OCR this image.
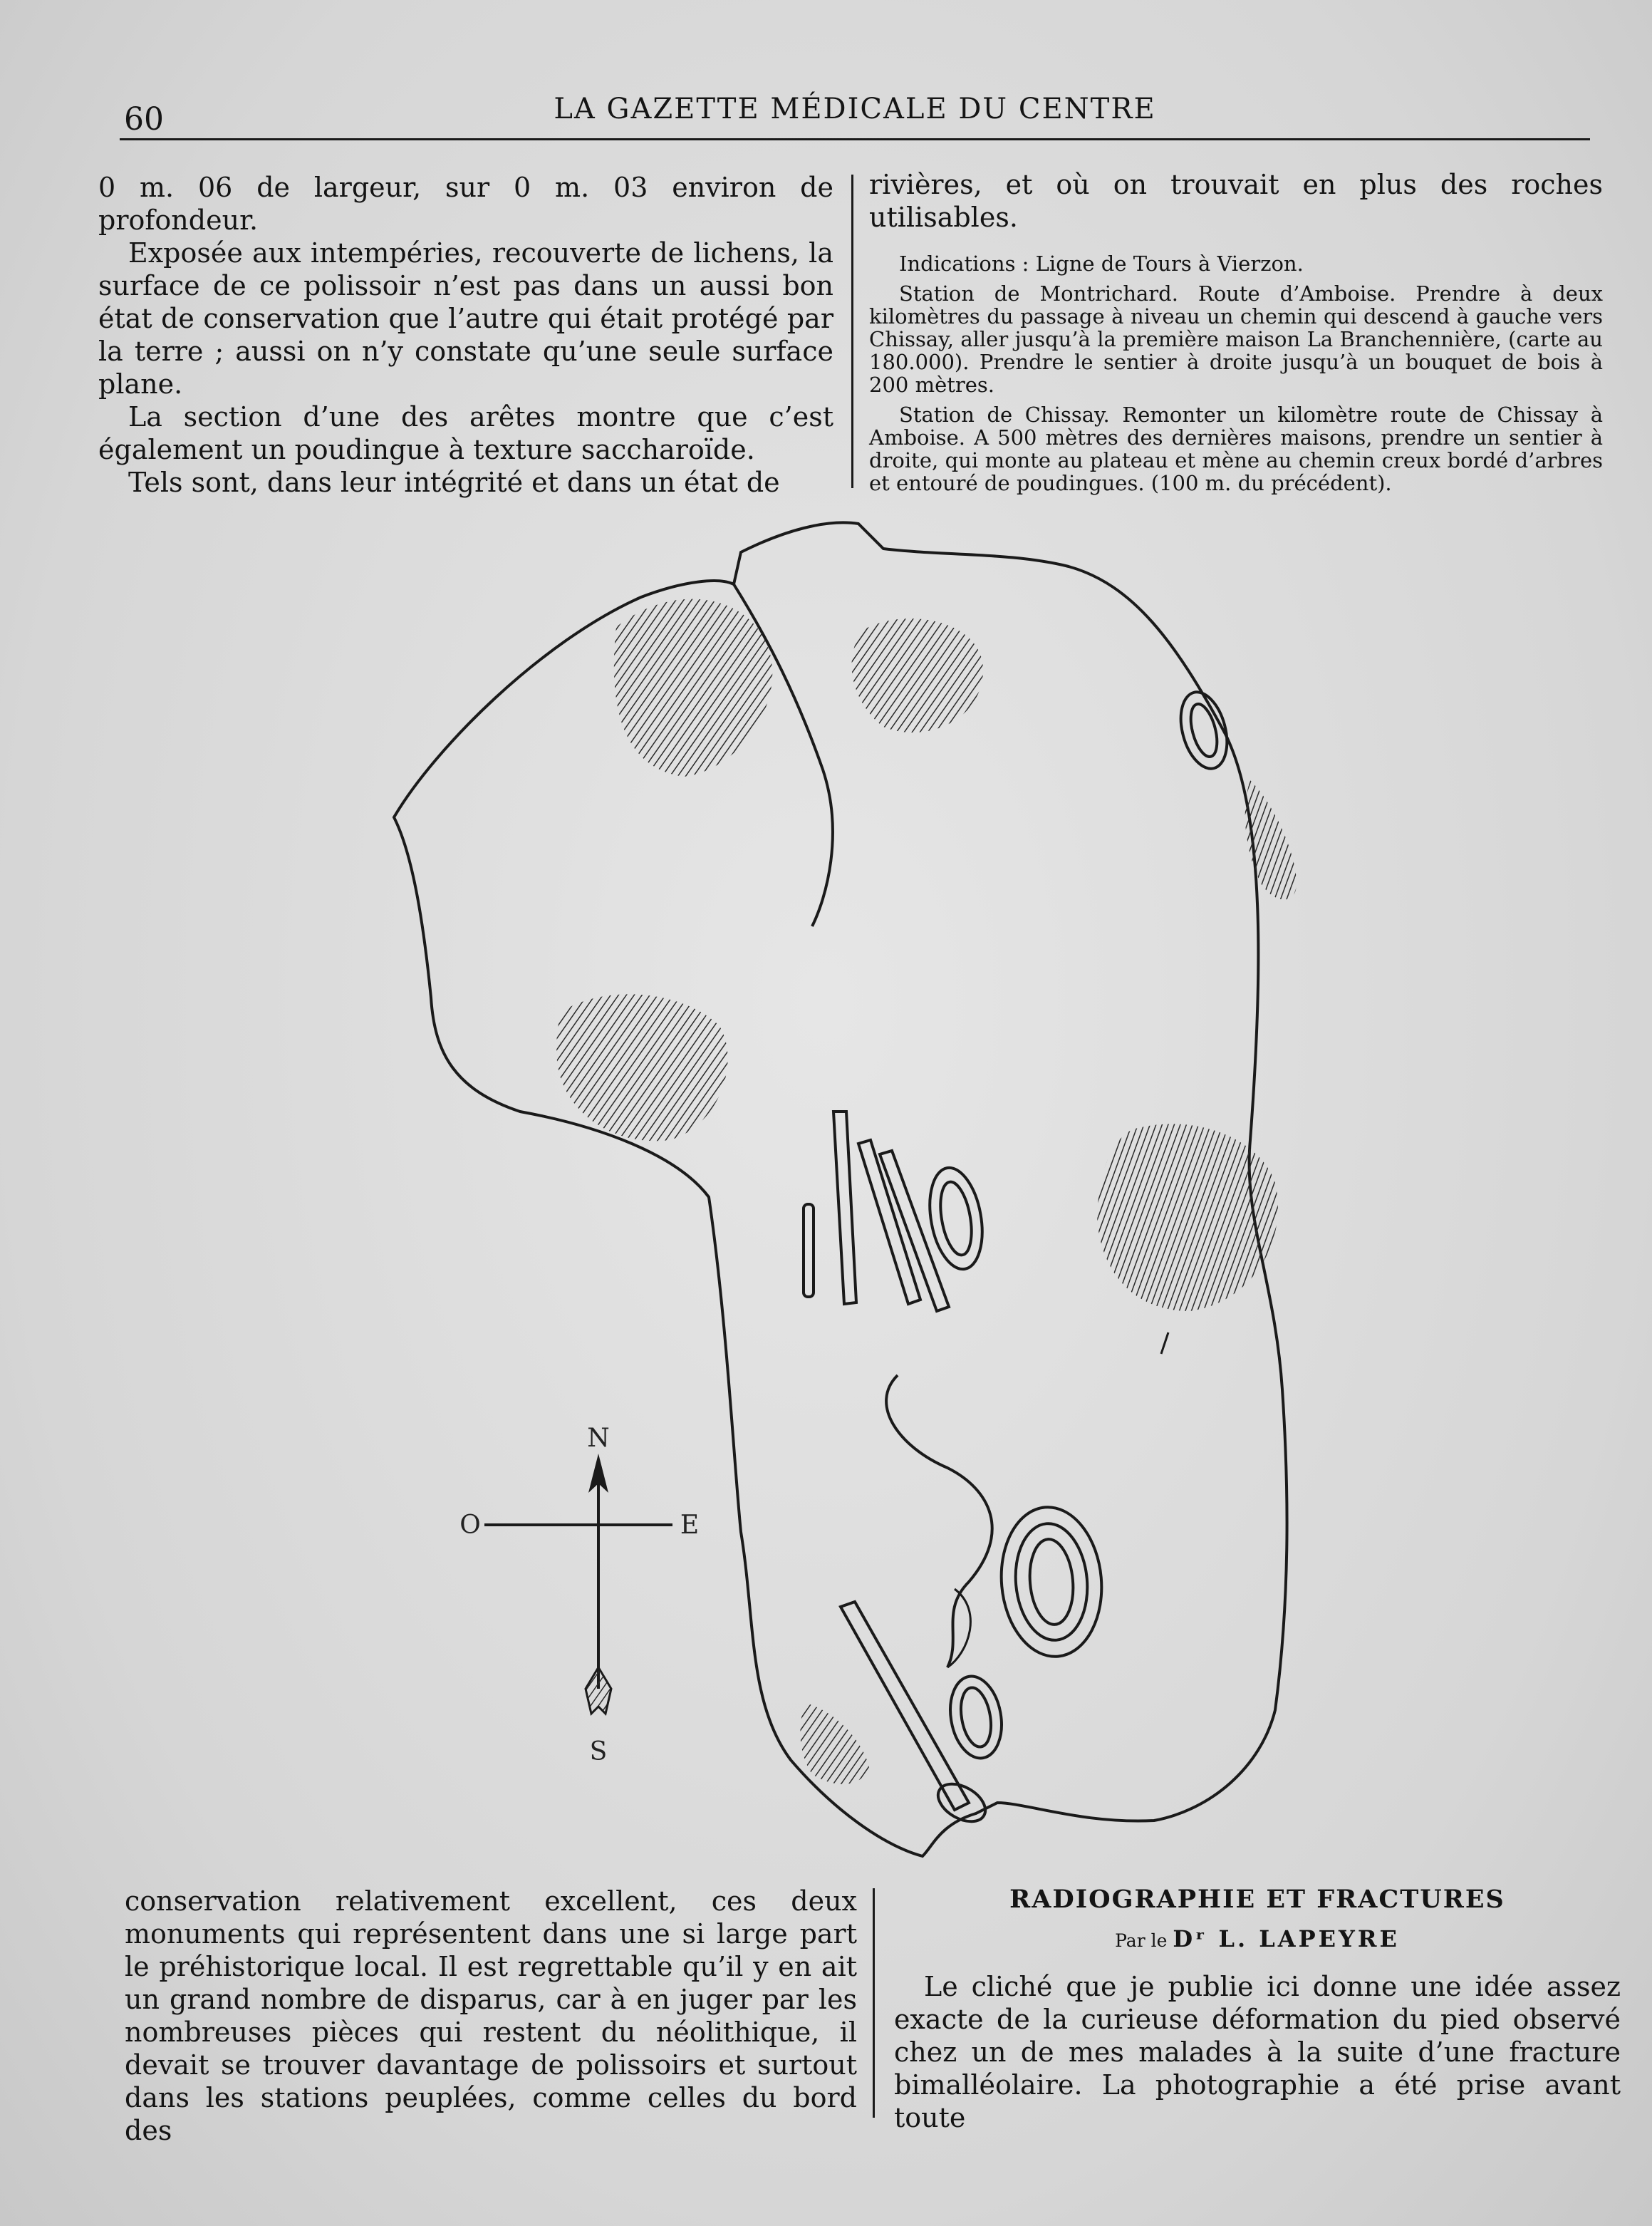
60	LA GAZETTE MÉDICALE DU CENTRE

0 m. 06 de largeur, sur 0 m. 03 environ de profondeur.

Exposée aux intempéries, recouverte de lichens, la surface de ce polissoir n’est pas dans un aussi bon état de conservation que l’autre qui était protégé par la terre ; aussi on n’y constate qu’une seule surface plane.

La section d’une des arêtes montre que c’est également un poudingue à texture saccharoïde.

Tels sont, dans leur intégrité et dans un état de

rivières, et où on trouvait en plus des roches utilisables.

Indications : Ligne de Tours à Vierzon.

Station de Montrichard. Route d’Amboise. Prendre à deux kilomètres du passage à niveau un chemin qui descend à gauche vers Chissay, aller jusqu’à la première maison La Branchennière, (carte au 180.000). Prendre le sentier à droite jusqu’à un bouquet de bois à 200 mètres.

Station de Chissay. Remonter un kilomètre route de Chissay à Amboise. A 500 mètres des dernières maisons, prendre un sentier à droite, qui monte au plateau et mène au chemin creux bordé d’arbres et entouré de poudingues. (100 m. du précédent).

N
S
E
O

conservation relativement excellent, ces deux monuments qui représentent dans une si large part le préhistorique local. Il est regrettable qu’il y en ait un grand nombre de disparus, car à en juger par les nombreuses pièces qui restent du néolithique, il devait se trouver davantage de polissoirs et surtout dans les stations peuplées, comme celles du bord des

RADIOGRAPHIE ET FRACTURES
Par le Dʳ L. LAPEYRE

Le cliché que je publie ici donne une idée assez exacte de la curieuse déformation du pied observé chez un de mes malades à la suite d’une fracture bimalléolaire. La photographie a été prise avant toute
